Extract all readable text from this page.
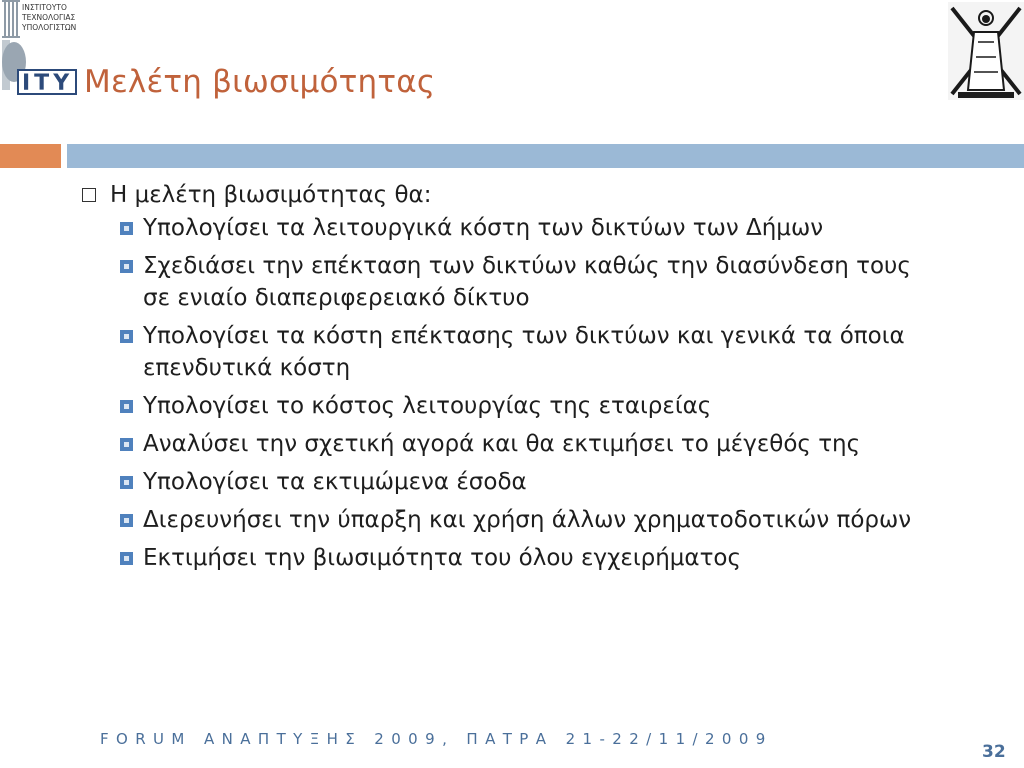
ΙΝΣΤΙΤΟΥΤΟ
ΤΕΧΝΟΛΟΓΙΑΣ
ΥΠΟΛΟΓΙΣΤΩΝ
ΙΤΥ Μελέτη βιωσιμότητας
Η μελέτη βιωσιμότητας θα:
Υπολογίσει τα λειτουργικά κόστη των δικτύων των Δήμων
Σχεδιάσει την επέκταση των δικτύων καθώς την διασύνδεση τους σε ενιαίο διαπεριφερειακό δίκτυο
Υπολογίσει τα κόστη επέκτασης των δικτύων και γενικά τα όποια επενδυτικά κόστη
Υπολογίσει το κόστος λειτουργίας της εταιρείας
Αναλύσει την σχετική αγορά και θα εκτιμήσει το μέγεθός της
Υπολογίσει τα εκτιμώμενα έσοδα
Διερευνήσει την ύπαρξη και χρήση άλλων χρηματοδοτικών πόρων
Εκτιμήσει την βιωσιμότητα του όλου εγχειρήματος
FORUM ΑΝΑΠΤΥΞΗΣ 2009, ΠΑΤΡΑ 21-22/11/2009
32
